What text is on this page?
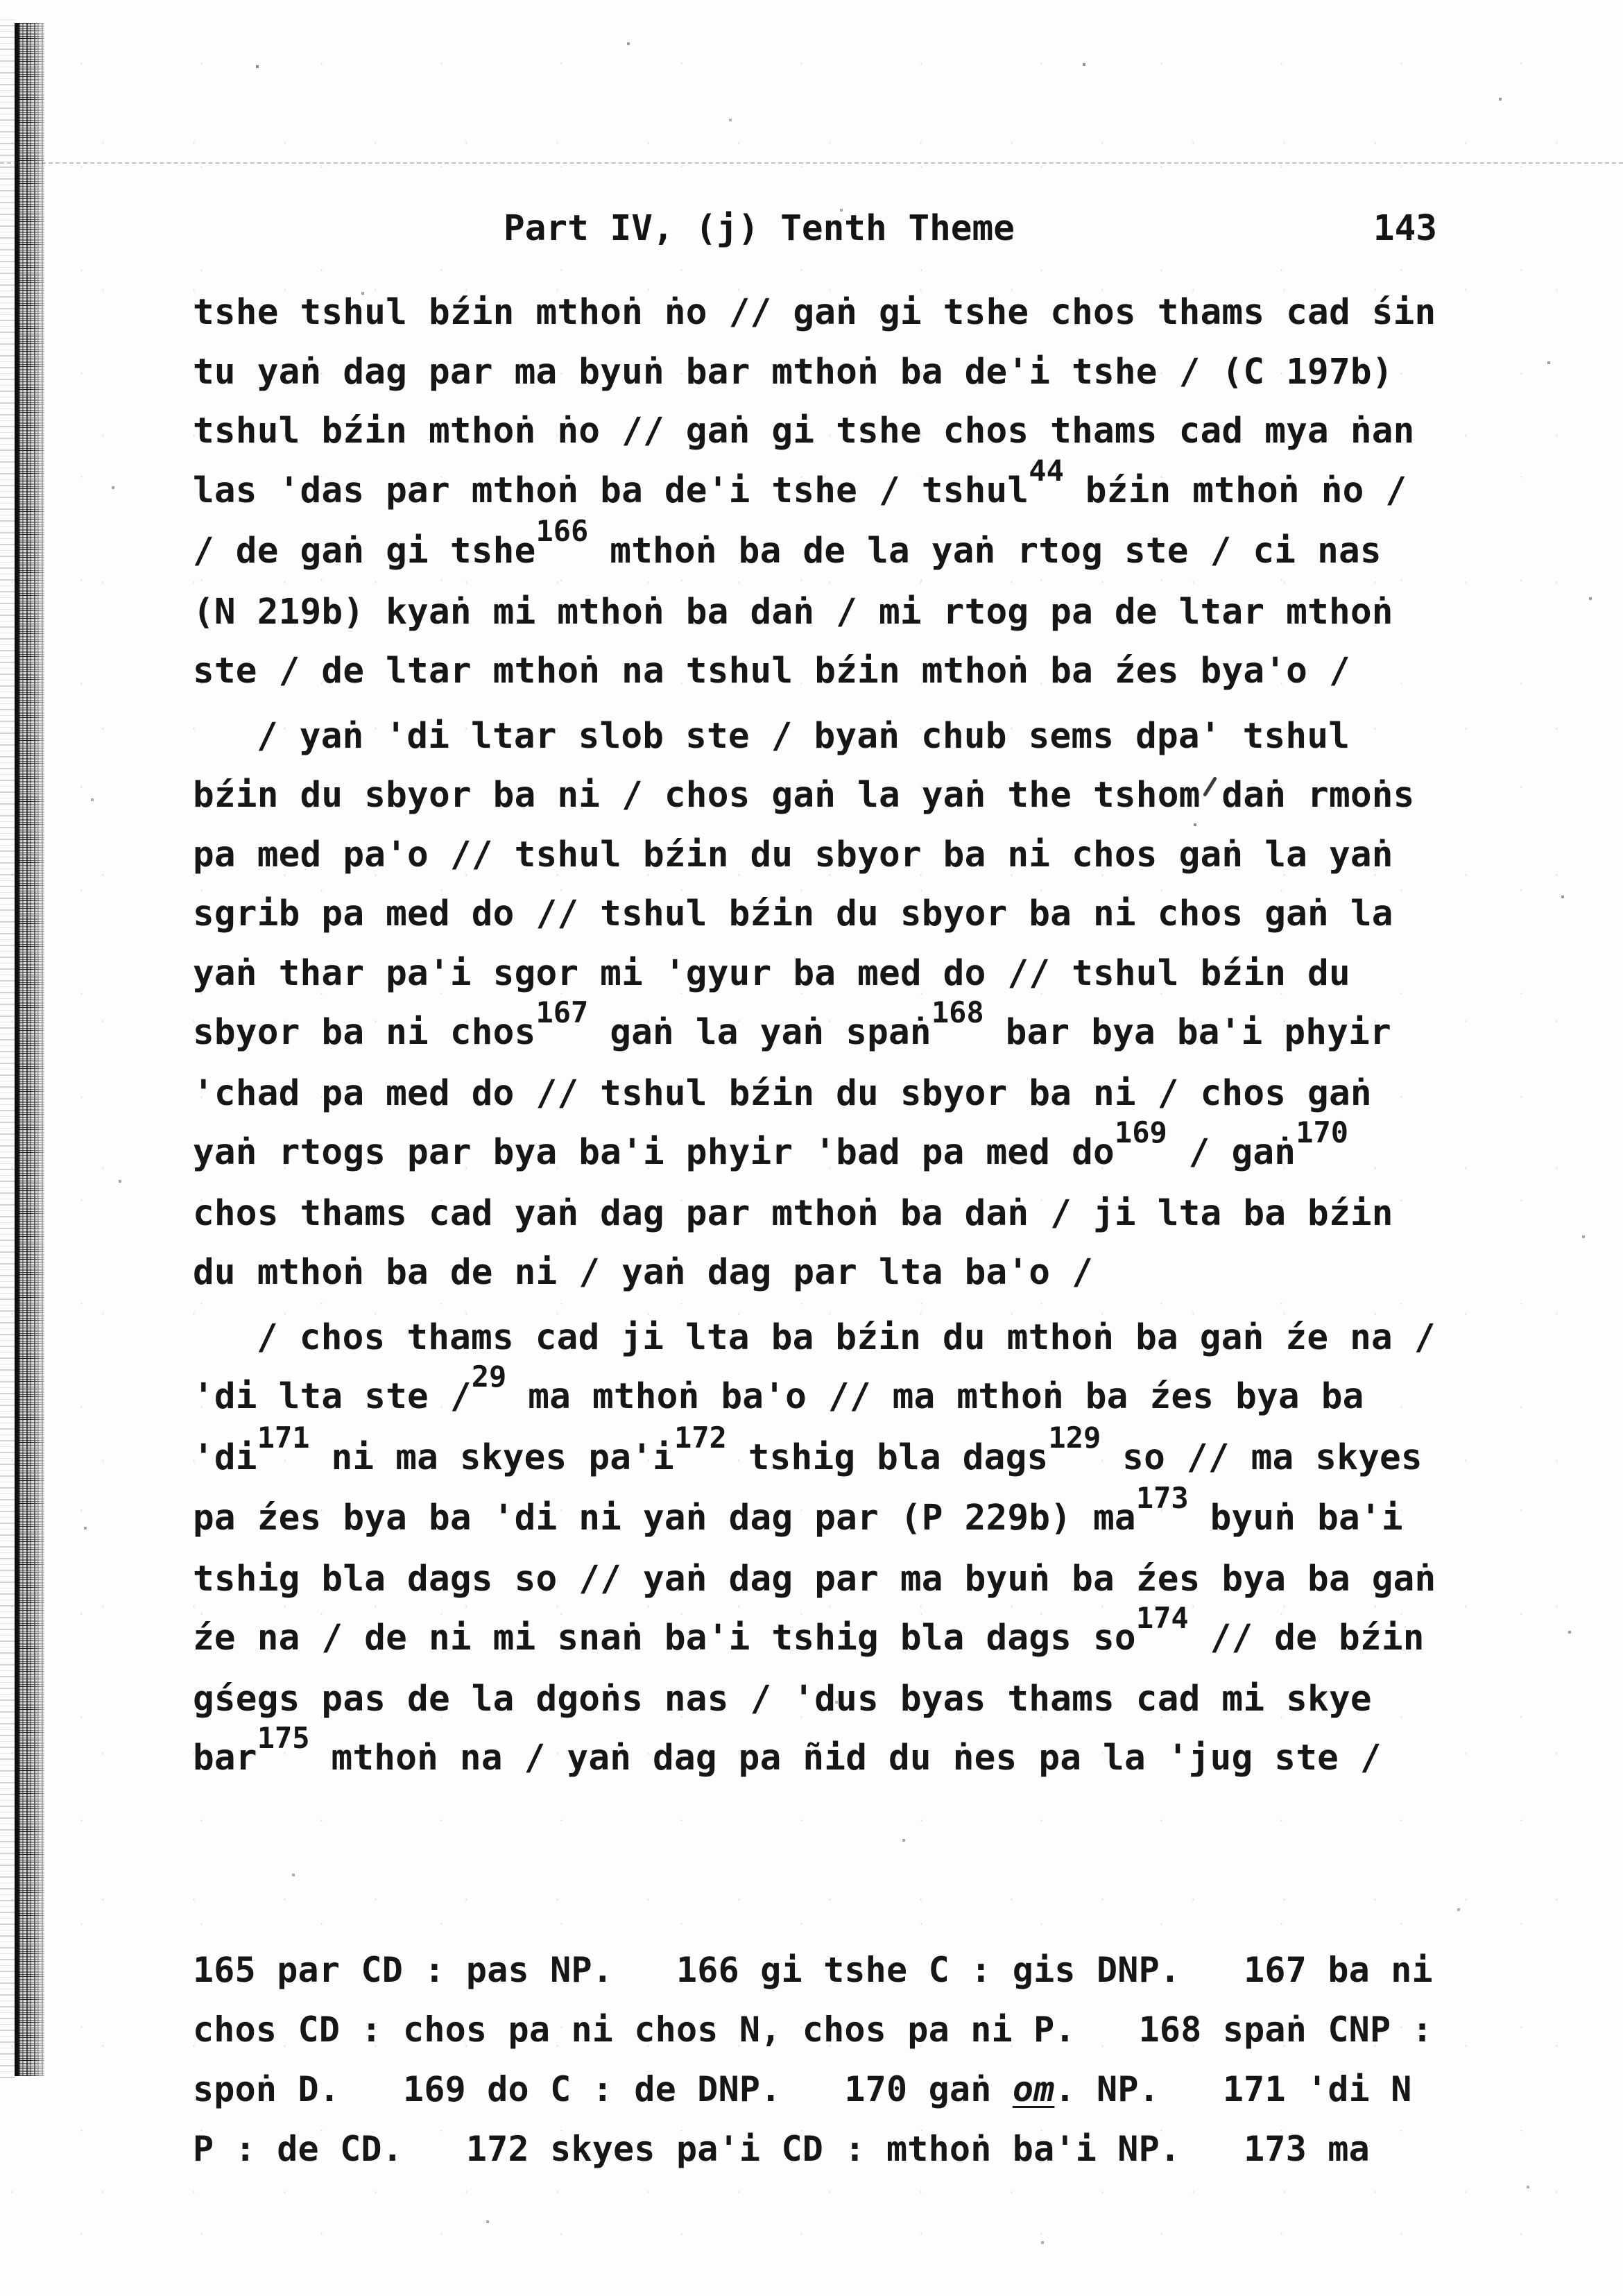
Part IV, (j) Tenth Theme	143
tshe tshul bźin mthoṅ ṅo // gaṅ gi tshe chos thams cad śin
tu yaṅ dag par ma byuṅ bar mthoṅ ba de'i tshe / (C 197b)
tshul bźin mthoṅ ṅo // gaṅ gi tshe chos thams cad mya ṅan
las 'das par mthoṅ ba de'i tshe / tshul$^{44}$ bźin mthoṅ ṅo /
/ de gaṅ gi tshe$^{166}$ mthoṅ ba de la yaṅ rtog ste / ci nas
(N 219b) kyaṅ mi mthoṅ ba daṅ / mi rtog pa de ltar mthoṅ
ste / de ltar mthoṅ na tshul bźin mthoṅ ba źes bya'o /
/ yaṅ 'di ltar slob ste / byaṅ chub sems dpa' tshul
bźin du sbyor ba ni / chos gaṅ la yaṅ the tshom daṅ rmoṅs
pa med pa'o // tshul bźin du sbyor ba ni chos gaṅ la yaṅ
sgrib pa med do // tshul bźin du sbyor ba ni chos gaṅ la
yaṅ thar pa'i sgor mi 'gyur ba med do // tshul bźin du
sbyor ba ni chos$^{167}$ gaṅ la yaṅ spaṅ$^{168}$ bar bya ba'i phyir
'chad pa med do // tshul bźin du sbyor ba ni / chos gaṅ
yaṅ rtogs par bya ba'i phyir 'bad pa med $do^{169}$ / gaṅ$^{170}$
chos thams cad yaṅ dag par mthoṅ ba daṅ / ji lta ba bźin
du mthoṅ ba de ni / yaṅ dag par lta ba'o /
/ chos thams cad ji lta ba bźin du mthoṅ ba gaṅ źe na /
'di lta ste /$^{29}$ ma mthoṅ ba'o // ma mthoṅ ba źes bya ba
'$di^{171}$ ni ma skyes $pa'i^{172}$ tshig bla dags$^{129}$ so // ma skyes
pa źes bya ba 'di ni yaṅ dag par (P 229b) $ma^{173}$ byuṅ ba'i
tshig bla dags so // yaṅ dag par ma byuṅ ba źes bya ba gaṅ
źe na / de ni mi snaṅ ba'i tshig bla dags $so^{174}$ // de bźin
gśegs pas de la dgoṅs nas / 'dus byas thams cad mi skye
bar$^{175}$ mthoṅ na / yaṅ dag pa ñid du ṅes pa la 'jug ste /
165 par CD : pas NP.   166 gi tshe C : gis DNP.   167 ba ni
chos CD : chos pa ni chos N, chos pa ni P.   168 spaṅ CNP :
spoṅ D.   169 do C : de DNP.   170 gaṅ om. NP.   171 'di N
P : de CD.   172 skyes pa'i CD : mthoṅ ba'i NP.   173 ma
